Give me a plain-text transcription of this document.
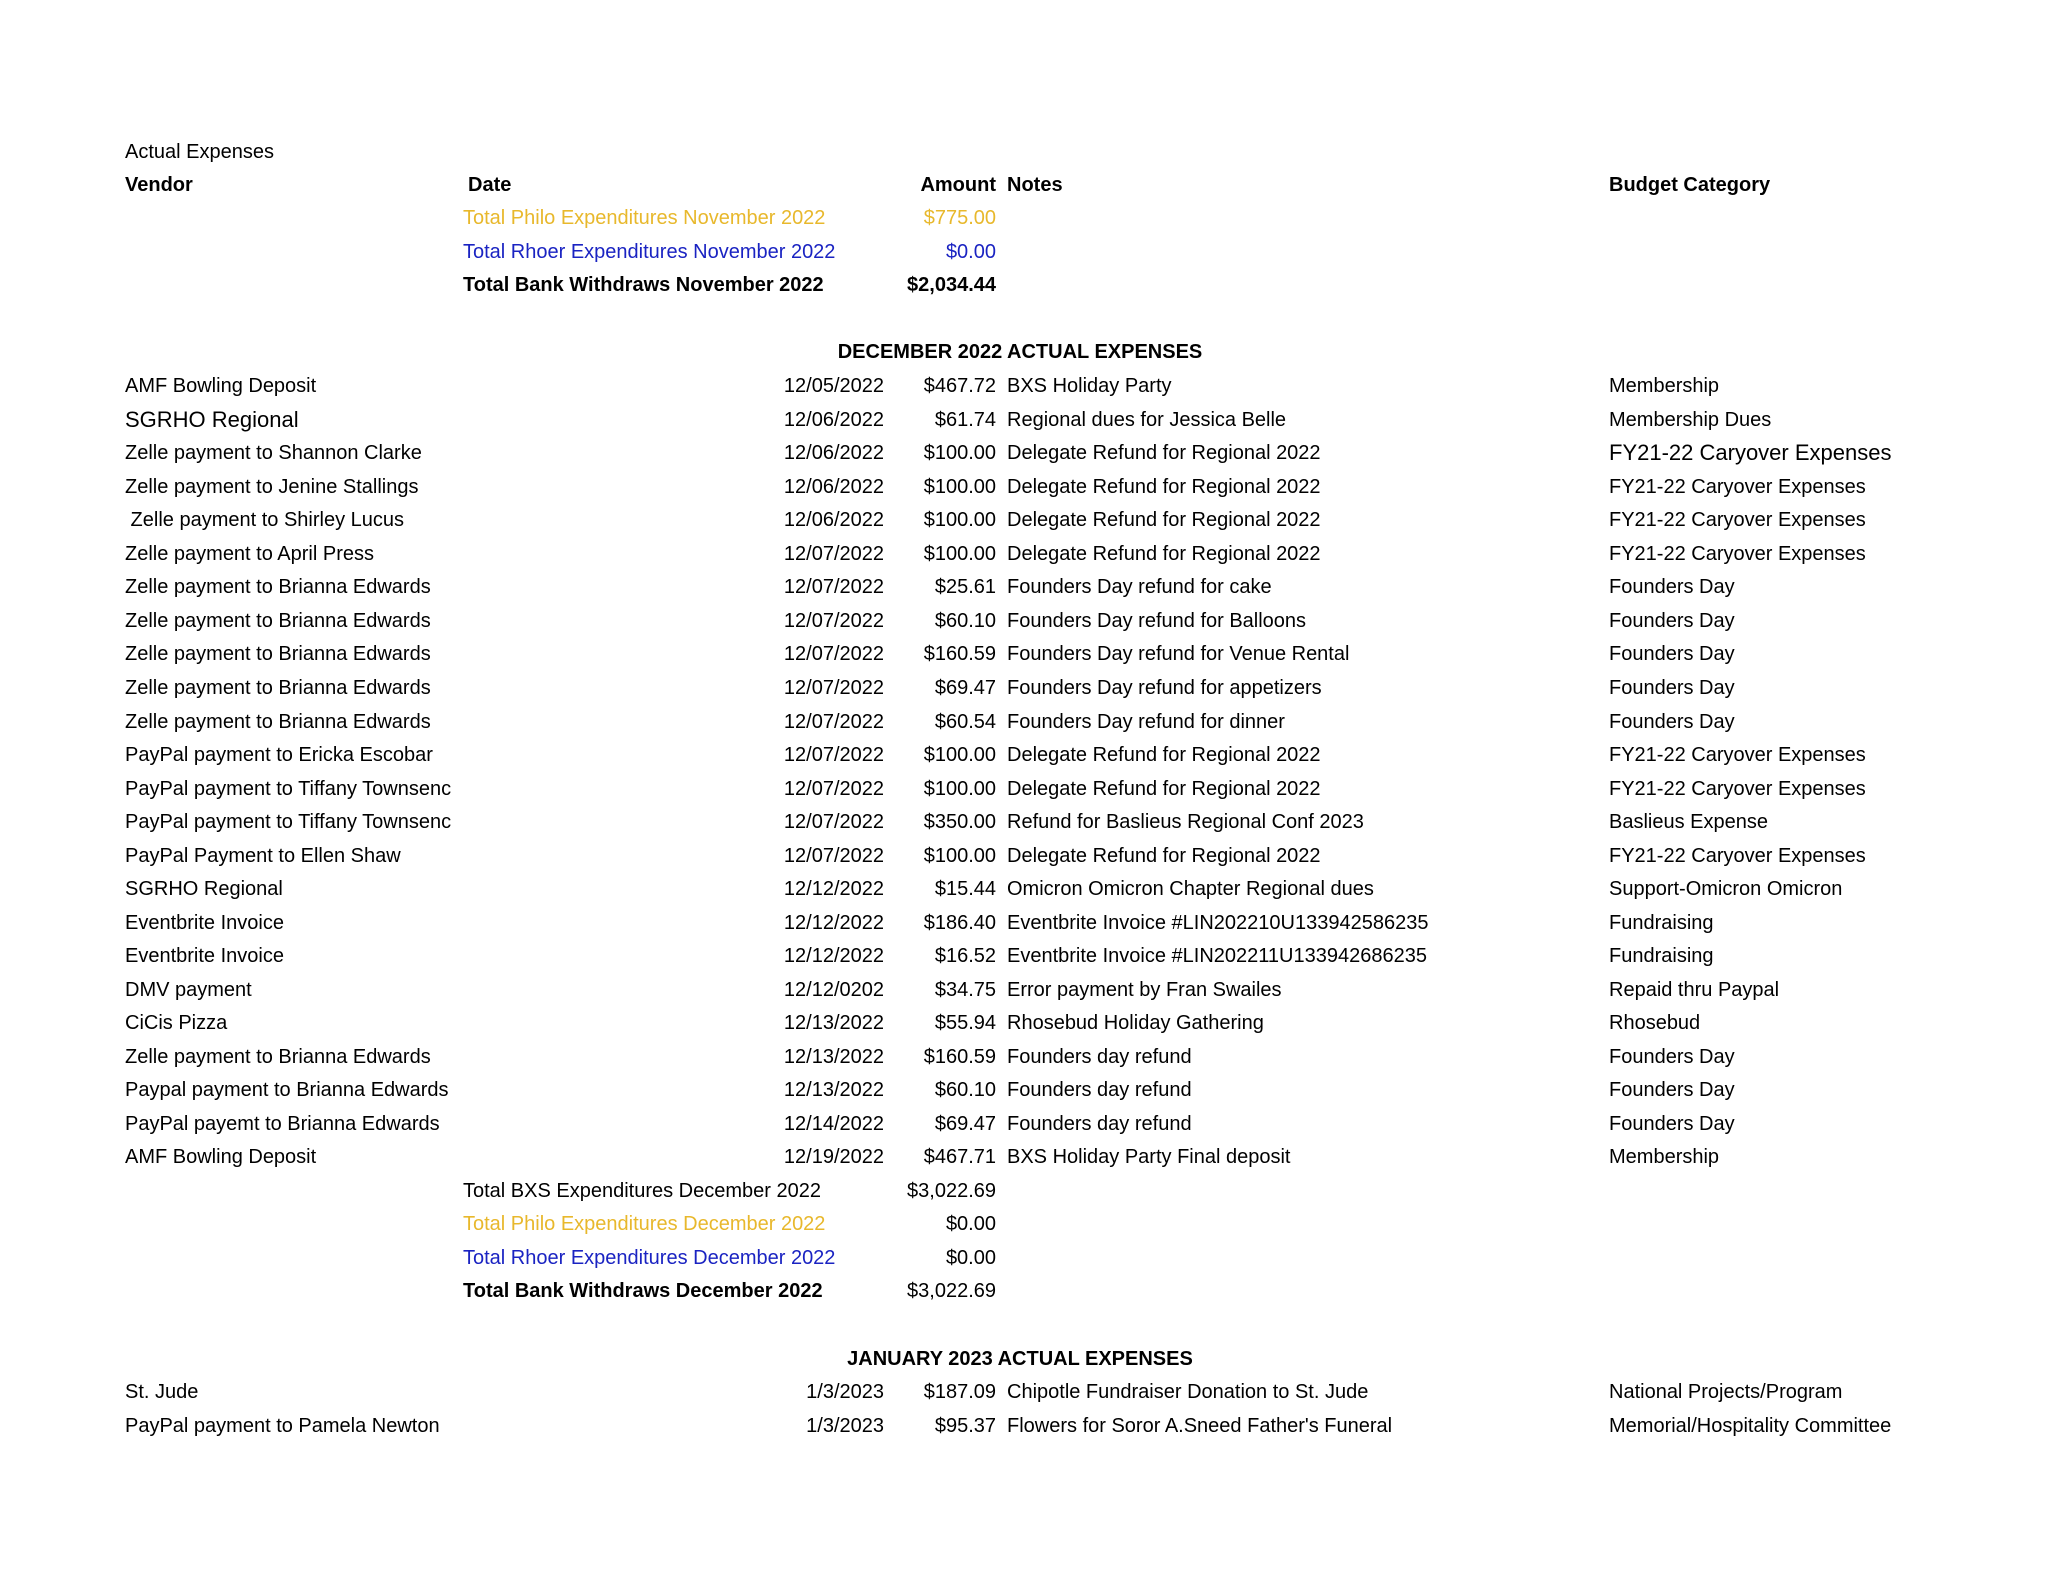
Actual Expenses
Vendor	Date	Amount Notes	Budget Category
Total Philo Expenditures November 2022	$775.00
Total Rhoer Expenditures November 2022	$0.00
Total Bank Withdraws November 2022	$2,034.44
DECEMBER 2022 ACTUAL EXPENSES
AMF Bowling Deposit	12/05/2022	$467.72 BXS Holiday Party	Membership
SGRHO Regional	12/06/2022	$61.74 Regional dues for Jessica Belle	Membership Dues
Zelle payment to Shannon Clarke	12/06/2022	$100.00 Delegate Refund for Regional 2022	FY21-22 Caryover Expenses
Zelle payment to Jenine Stallings	12/06/2022	$100.00 Delegate Refund for Regional 2022	FY21-22 Caryover Expenses
Zelle payment to Shirley Lucus	12/06/2022	$100.00 Delegate Refund for Regional 2022	FY21-22 Caryover Expenses
Zelle payment to April Press	12/07/2022	$100.00 Delegate Refund for Regional 2022	FY21-22 Caryover Expenses
Zelle payment to Brianna Edwards	12/07/2022	$25.61 Founders Day refund for cake	Founders Day
Zelle payment to Brianna Edwards	12/07/2022	$60.10 Founders Day refund for Balloons	Founders Day
Zelle payment to Brianna Edwards	12/07/2022	$160.59 Founders Day refund for Venue Rental	Founders Day
Zelle payment to Brianna Edwards	12/07/2022	$69.47 Founders Day refund for appetizers	Founders Day
Zelle payment to Brianna Edwards	12/07/2022	$60.54 Founders Day refund for dinner	Founders Day
PayPal payment to Ericka Escobar	12/07/2022	$100.00 Delegate Refund for Regional 2022	FY21-22 Caryover Expenses
PayPal payment to Tiffany Townsenc	12/07/2022	$100.00 Delegate Refund for Regional 2022	FY21-22 Caryover Expenses
PayPal payment to Tiffany Townsenc	12/07/2022	$350.00 Refund for Baslieus Regional Conf 2023	Baslieus Expense
PayPal Payment to Ellen Shaw	12/07/2022	$100.00 Delegate Refund for Regional 2022	FY21-22 Caryover Expenses
SGRHO Regional	12/12/2022	$15.44 Omicron Omicron Chapter Regional dues	Support-Omicron Omicron
Eventbrite Invoice	12/12/2022	$186.40 Eventbrite Invoice #LIN202210U133942586235	Fundraising
Eventbrite Invoice	12/12/2022	$16.52 Eventbrite Invoice #LIN202211U133942686235	Fundraising
DMV payment	12/12/0202	$34.75 Error payment by Fran Swailes	Repaid thru Paypal
CiCis Pizza	12/13/2022	$55.94 Rhosebud Holiday Gathering	Rhosebud
Zelle payment to Brianna Edwards	12/13/2022	$160.59 Founders day refund	Founders Day
Paypal payment to Brianna Edwards	12/13/2022	$60.10 Founders day refund	Founders Day
PayPal payemt to Brianna Edwards	12/14/2022	$69.47 Founders day refund	Founders Day
AMF Bowling Deposit	12/19/2022	$467.71 BXS Holiday Party Final deposit	Membership
Total BXS Expenditures December 2022	$3,022.69
Total Philo Expenditures December 2022	$0.00
Total Rhoer Expenditures December 2022	$0.00
Total Bank Withdraws December 2022	$3,022.69
JANUARY 2023 ACTUAL EXPENSES
St. Jude	1/3/2023	$187.09 Chipotle Fundraiser Donation to St. Jude	National Projects/Program
PayPal payment to Pamela Newton	1/3/2023	$95.37 Flowers for Soror A.Sneed Father's Funeral	Memorial/Hospitality Committee
